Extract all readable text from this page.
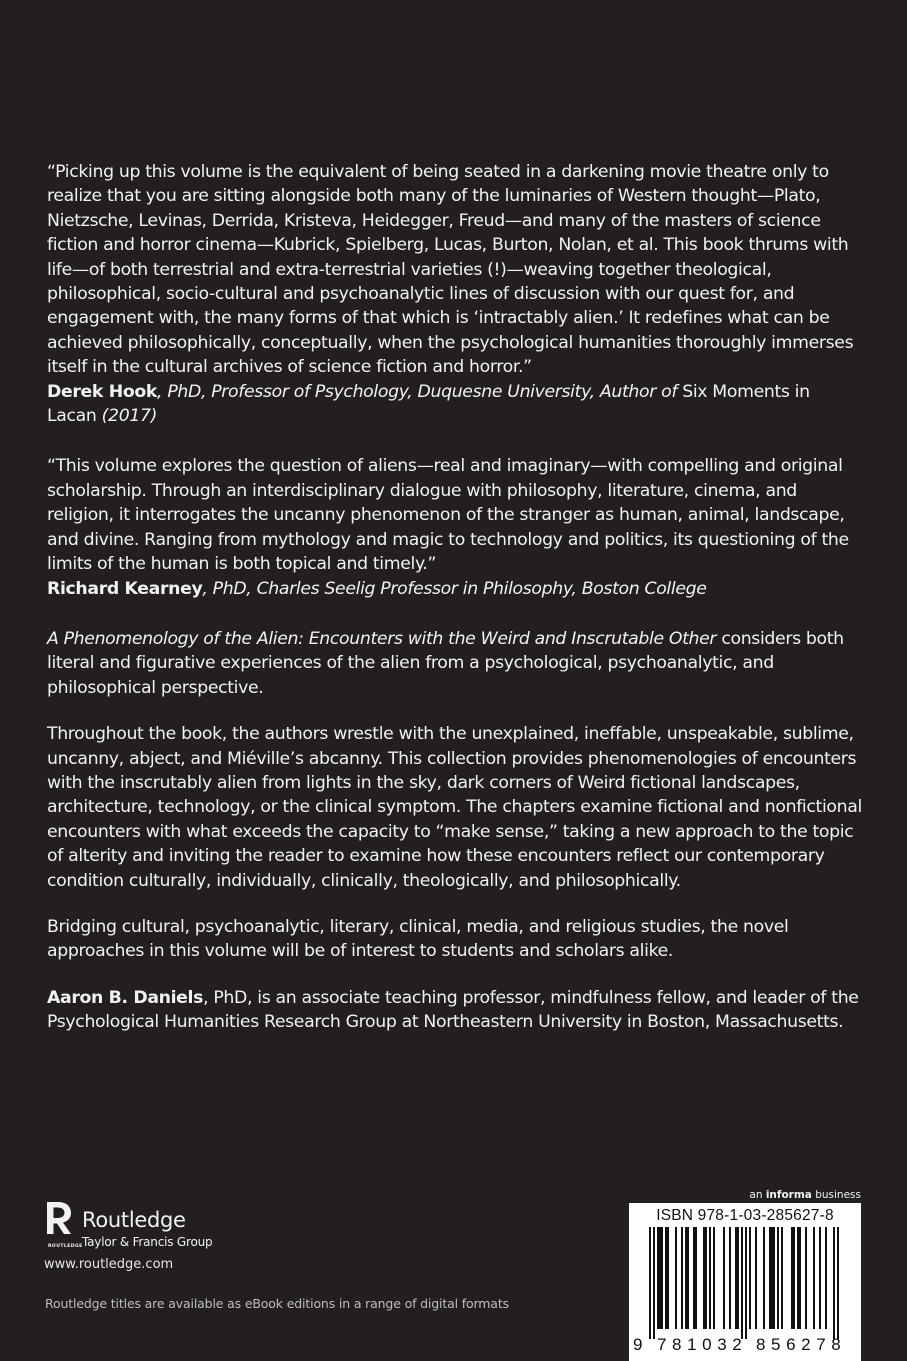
“Picking up this volume is the equivalent of being seated in a darkening movie theatre only to realize that you are sitting alongside both many of the luminaries of Western thought—Plato, Nietzsche, Levinas, Derrida, Kristeva, Heidegger, Freud—and many of the masters of science fiction and horror cinema—Kubrick, Spielberg, Lucas, Burton, Nolan, et al. This book thrums with life—of both terrestrial and extra-terrestrial varieties (!)—weaving together theological, philosophical, socio-cultural and psychoanalytic lines of discussion with our quest for, and engagement with, the many forms of that which is ‘intractably alien.’ It redefines what can be achieved philosophically, conceptually, when the psychological humanities thoroughly immerses itself in the cultural archives of science fiction and horror.”

Derek Hook, PhD, Professor of Psychology, Duquesne University, Author of Six Moments in Lacan (2017)

“This volume explores the question of aliens—real and imaginary—with compelling and original scholarship. Through an interdisciplinary dialogue with philosophy, literature, cinema, and religion, it interrogates the uncanny phenomenon of the stranger as human, animal, landscape, and divine. Ranging from mythology and magic to technology and politics, its questioning of the limits of the human is both topical and timely.”

Richard Kearney, PhD, Charles Seelig Professor in Philosophy, Boston College

A Phenomenology of the Alien: Encounters with the Weird and Inscrutable Other considers both literal and figurative experiences of the alien from a psychological, psychoanalytic, and philosophical perspective.

Throughout the book, the authors wrestle with the unexplained, ineffable, unspeakable, sublime, uncanny, abject, and Miéville’s abcanny. This collection provides phenomenologies of encounters with the inscrutably alien from lights in the sky, dark corners of Weird fictional landscapes, architecture, technology, or the clinical symptom. The chapters examine fictional and nonfictional encounters with what exceeds the capacity to “make sense,” taking a new approach to the topic of alterity and inviting the reader to examine how these encounters reflect our contemporary condition culturally, individually, clinically, theologically, and philosophically.

Bridging cultural, psychoanalytic, literary, clinical, media, and religious studies, the novel approaches in this volume will be of interest to students and scholars alike.

Aaron B. Daniels, PhD, is an associate teaching professor, mindfulness fellow, and leader of the Psychological Humanities Research Group at Northeastern University in Boston, Massachusetts.

ROUTLEDGE
Routledge
Taylor & Francis Group
www.routledge.com
Routledge titles are available as eBook editions in a range of digital formats
an informa business
ISBN 978-1-03-285627-8
9 781032 856278
